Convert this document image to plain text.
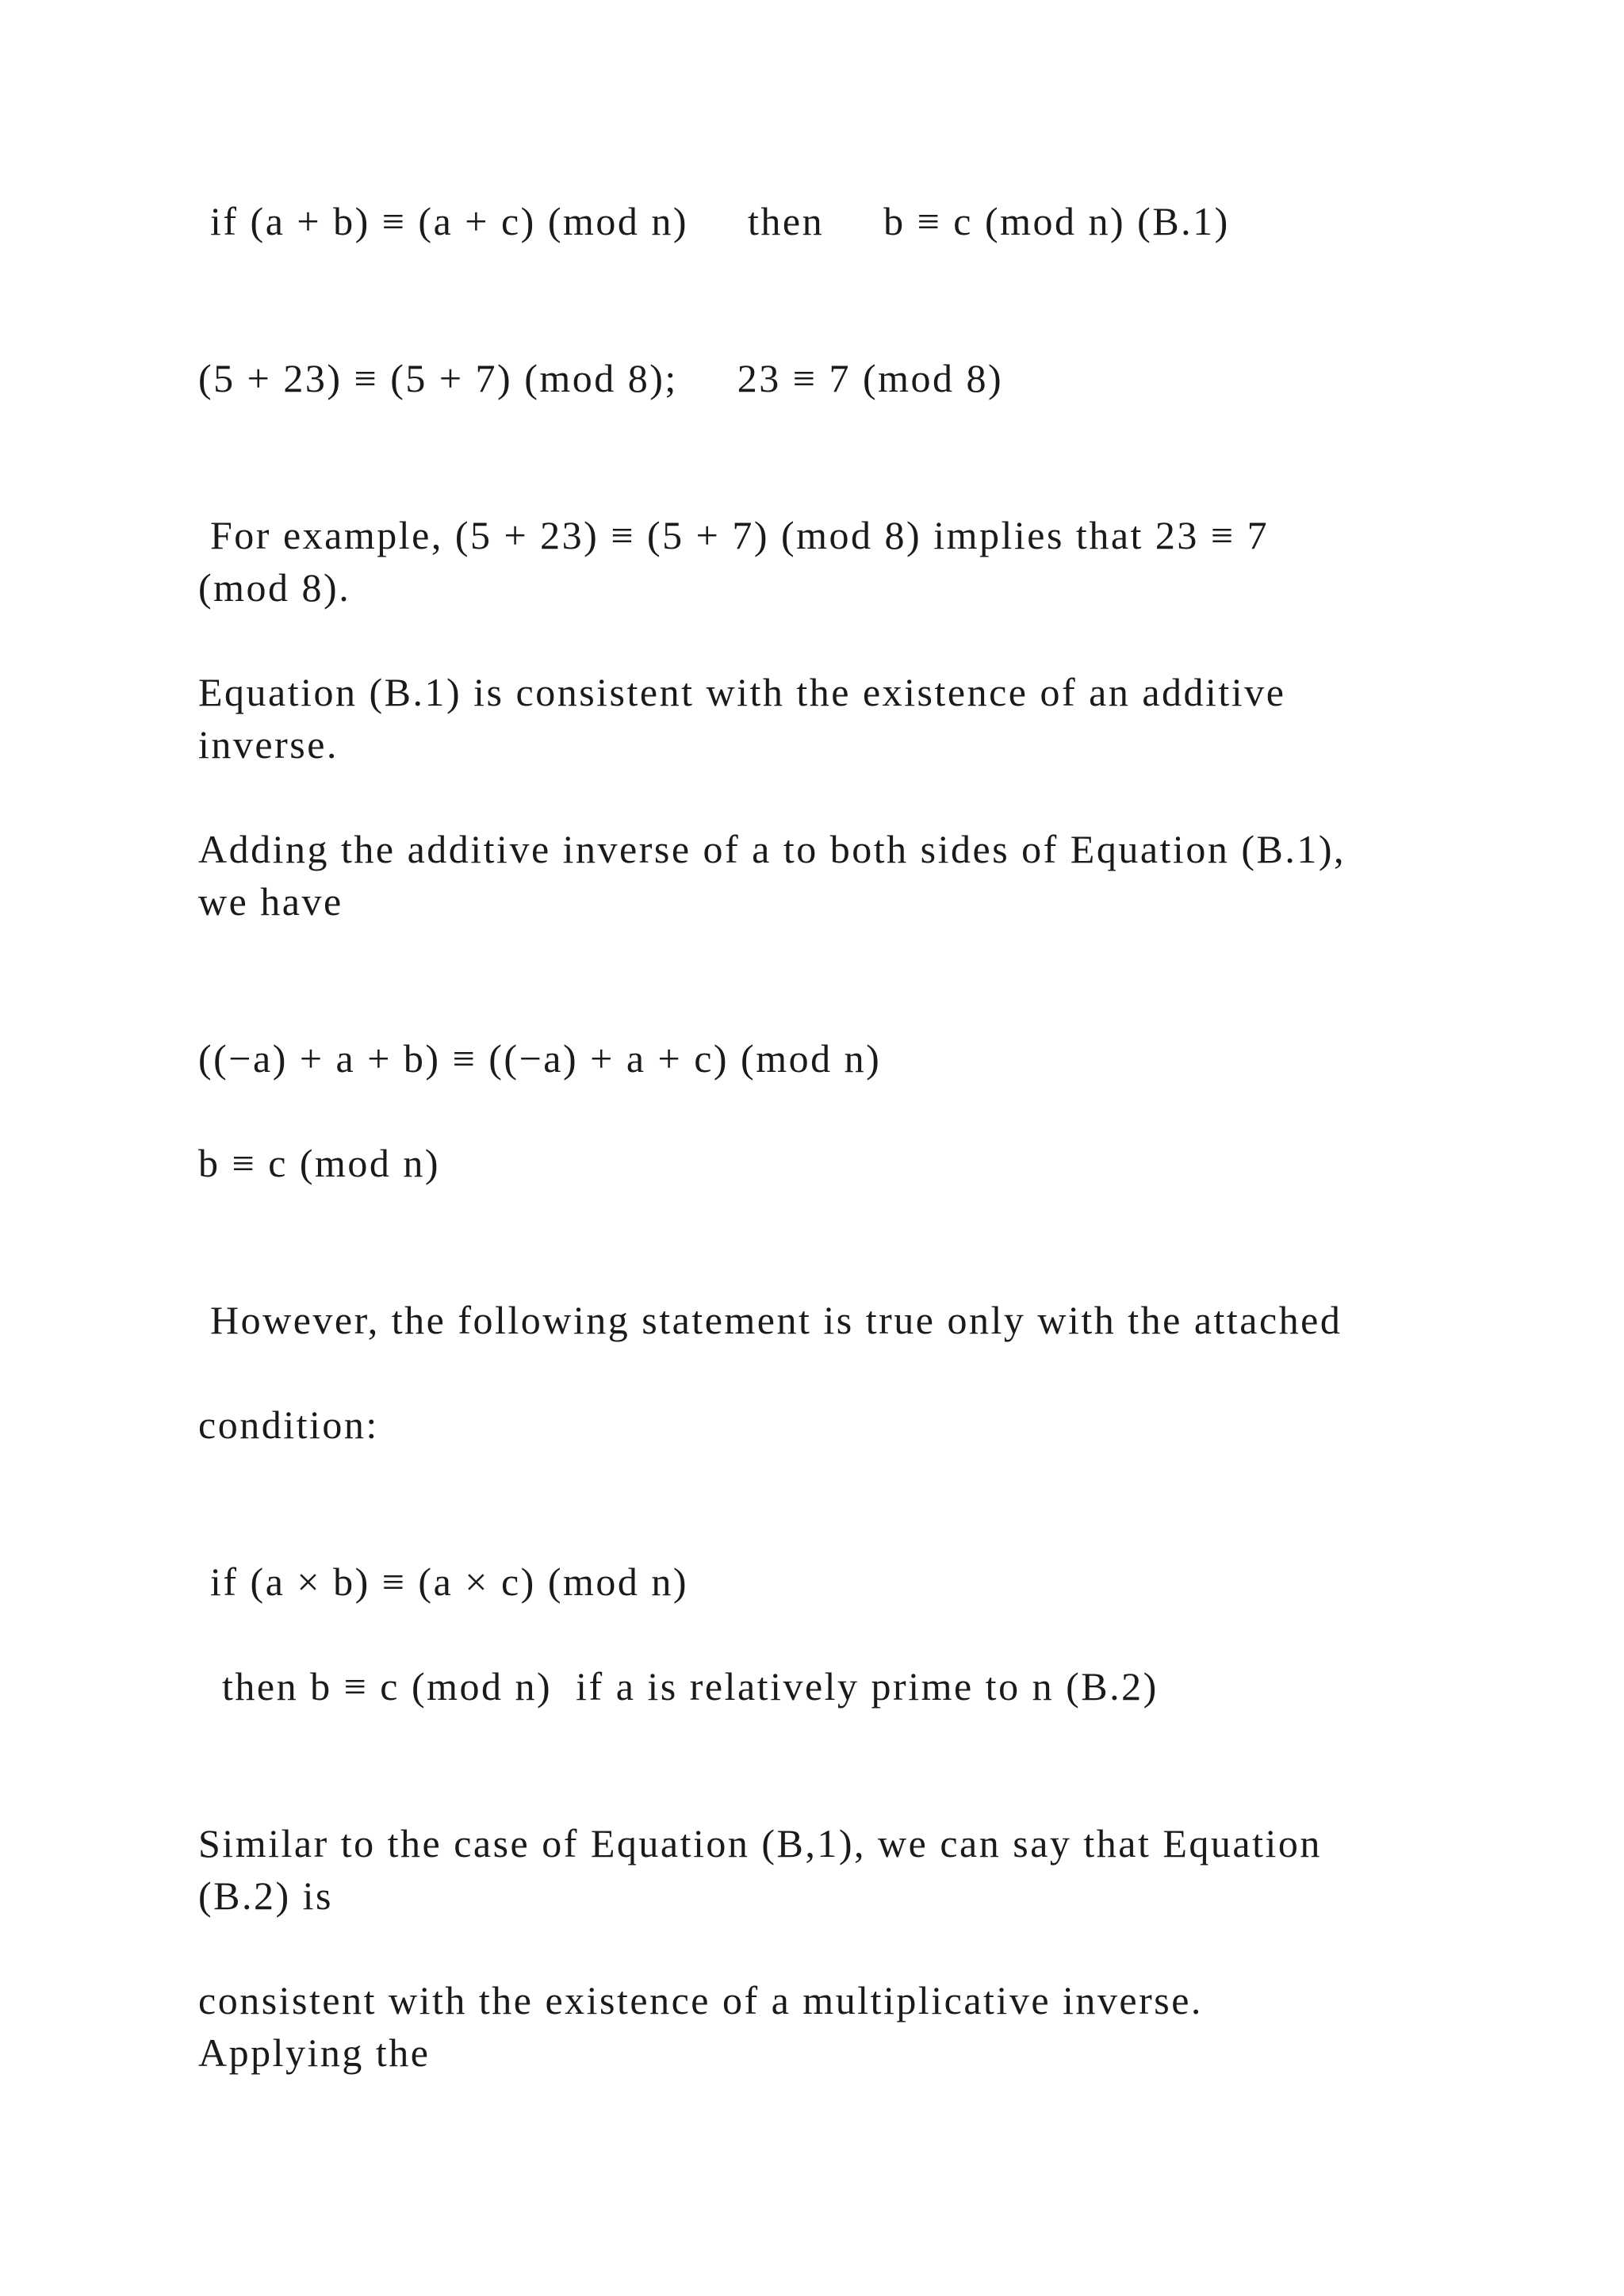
if (a + b) ≡ (a + c) (mod n)     then     b ≡ c (mod n) (B.1)

(5 + 23) ≡ (5 + 7) (mod 8);     23 ≡ 7 (mod 8)

For example, (5 + 23) ≡ (5 + 7) (mod 8) implies that 23 ≡ 7

(mod 8).

Equation (B.1) is consistent with the existence of an additive

inverse.

Adding the additive inverse of a to both sides of Equation (B.1),

we have

((−a) + a + b) ≡ ((−a) + a + c) (mod n)

b ≡ c (mod n)

However, the following statement is true only with the attached

condition:

if (a × b) ≡ (a × c) (mod n)

then b ≡ c (mod n)  if a is relatively prime to n (B.2)

Similar to the case of Equation (B,1), we can say that Equation

(B.2) is

consistent with the existence of a multiplicative inverse.

Applying the
